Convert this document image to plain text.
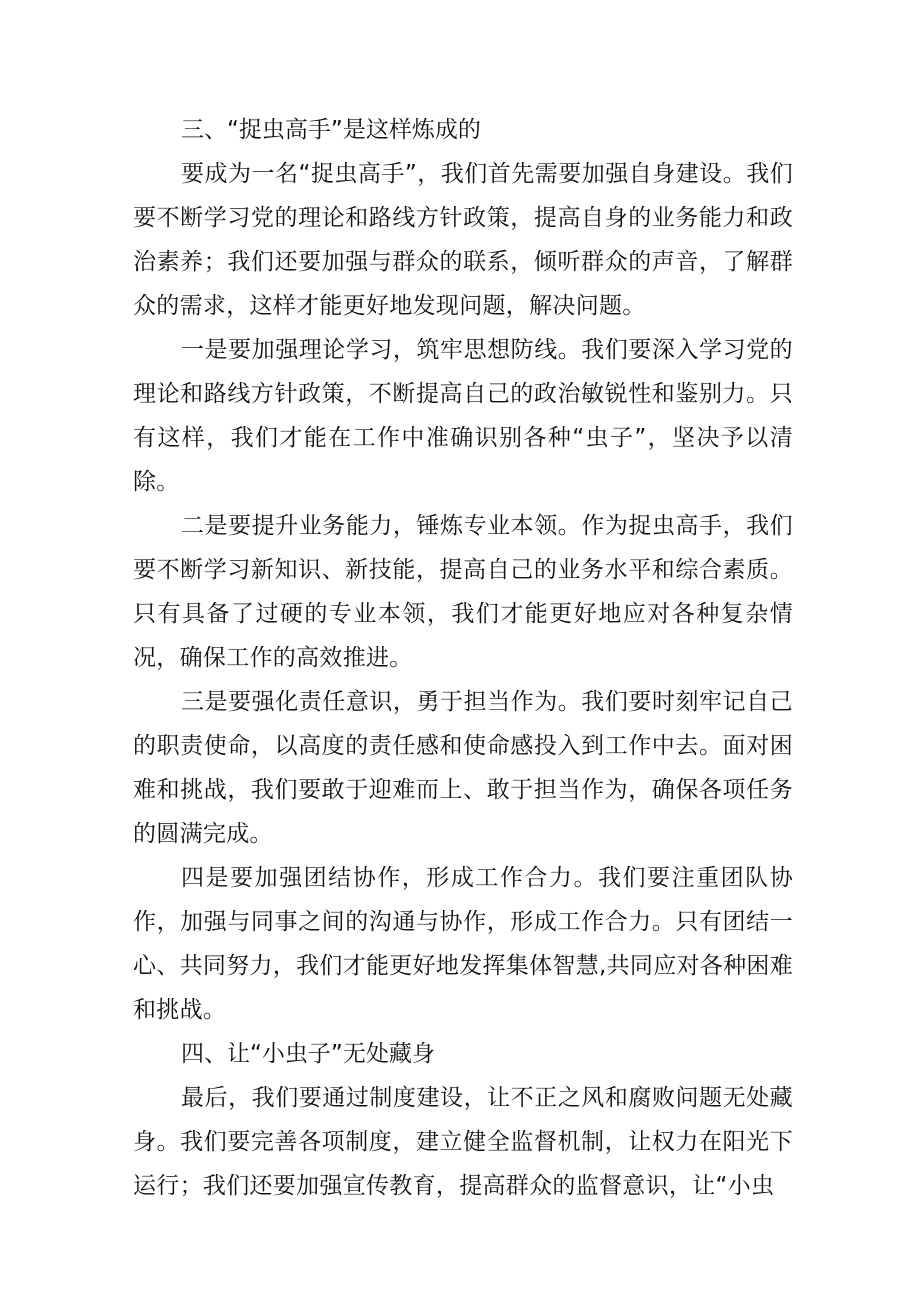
三、“捉虫高手”是这样炼成的

要成为一名“捉虫高手”，我们首先需要加强自身建设。我们要不断学习党的理论和路线方针政策，提高自身的业务能力和政治素养；我们还要加强与群众的联系，倾听群众的声音，了解群众的需求，这样才能更好地发现问题，解决问题。

一是要加强理论学习，筑牢思想防线。我们要深入学习党的理论和路线方针政策，不断提高自己的政治敏锐性和鉴别力。只有这样，我们才能在工作中准确识别各种“虫子”，坚决予以清除。

二是要提升业务能力，锤炼专业本领。作为捉虫高手，我们要不断学习新知识、新技能，提高自己的业务水平和综合素质。只有具备了过硬的专业本领，我们才能更好地应对各种复杂情况，确保工作的高效推进。

三是要强化责任意识，勇于担当作为。我们要时刻牢记自己的职责使命，以高度的责任感和使命感投入到工作中去。面对困难和挑战，我们要敢于迎难而上、敢于担当作为，确保各项任务的圆满完成。

四是要加强团结协作，形成工作合力。我们要注重团队协作，加强与同事之间的沟通与协作，形成工作合力。只有团结一心、共同努力，我们才能更好地发挥集体智慧,共同应对各种困难和挑战。

四、让“小虫子”无处藏身

最后，我们要通过制度建设，让不正之风和腐败问题无处藏身。我们要完善各项制度，建立健全监督机制，让权力在阳光下运行；我们还要加强宣传教育，提高群众的监督意识，让“小虫
